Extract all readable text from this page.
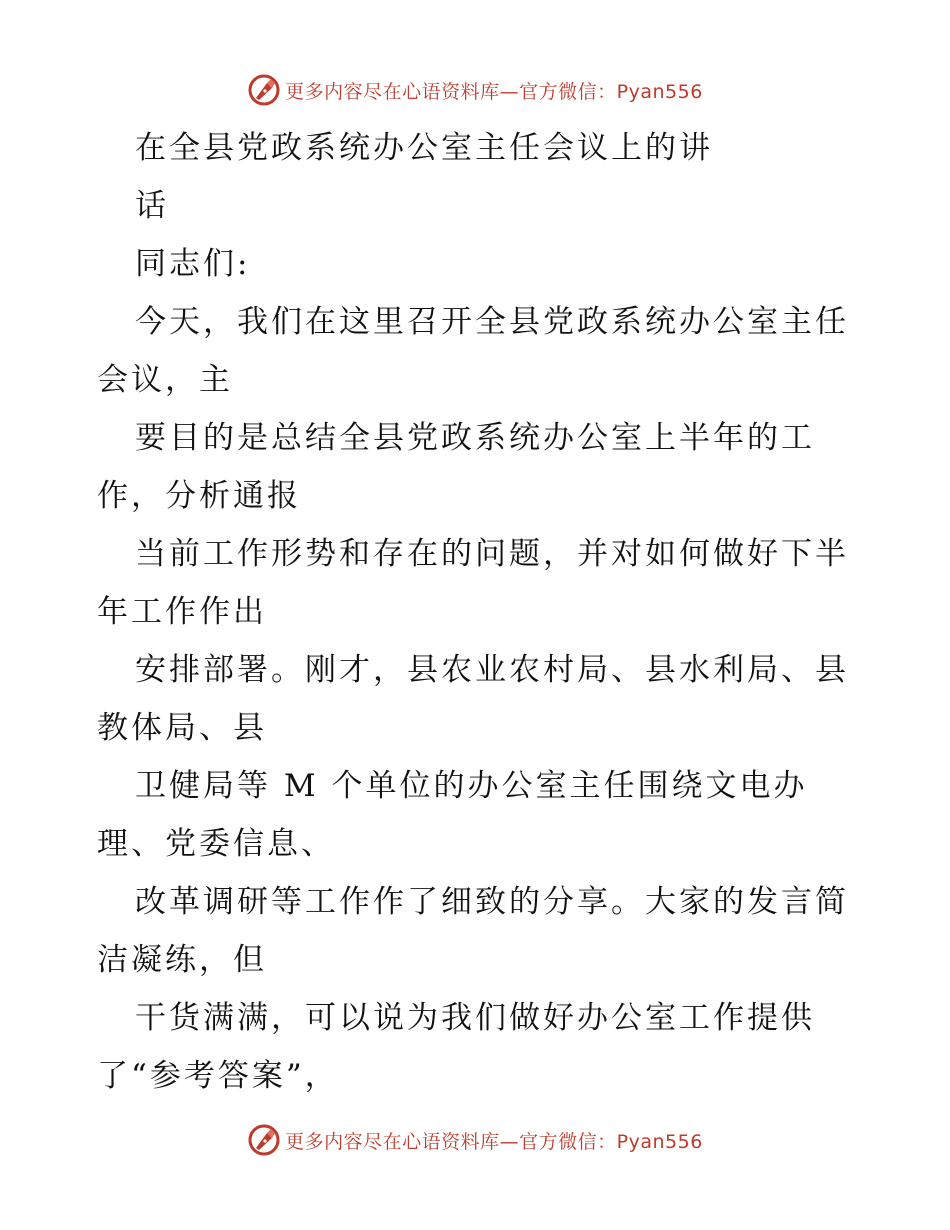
更多内容尽在心语资料库—官方微信：Pyan556
在全县党政系统办公室主任会议上的讲
话
同志们:
今天，我们在这里召开全县党政系统办公室主任
会议，主
要目的是总结全县党政系统办公室上半年的工
作，分析通报
当前工作形势和存在的问题，并对如何做好下半
年工作作出
安排部署。刚才，县农业农村局、县水利局、县
教体局、县
卫健局等 M 个单位的办公室主任围绕文电办
理、党委信息、
改革调研等工作作了细致的分享。大家的发言简
洁凝练，但
干货满满，可以说为我们做好办公室工作提供
了“参考答案”，
更多内容尽在心语资料库—官方微信：Pyan556
